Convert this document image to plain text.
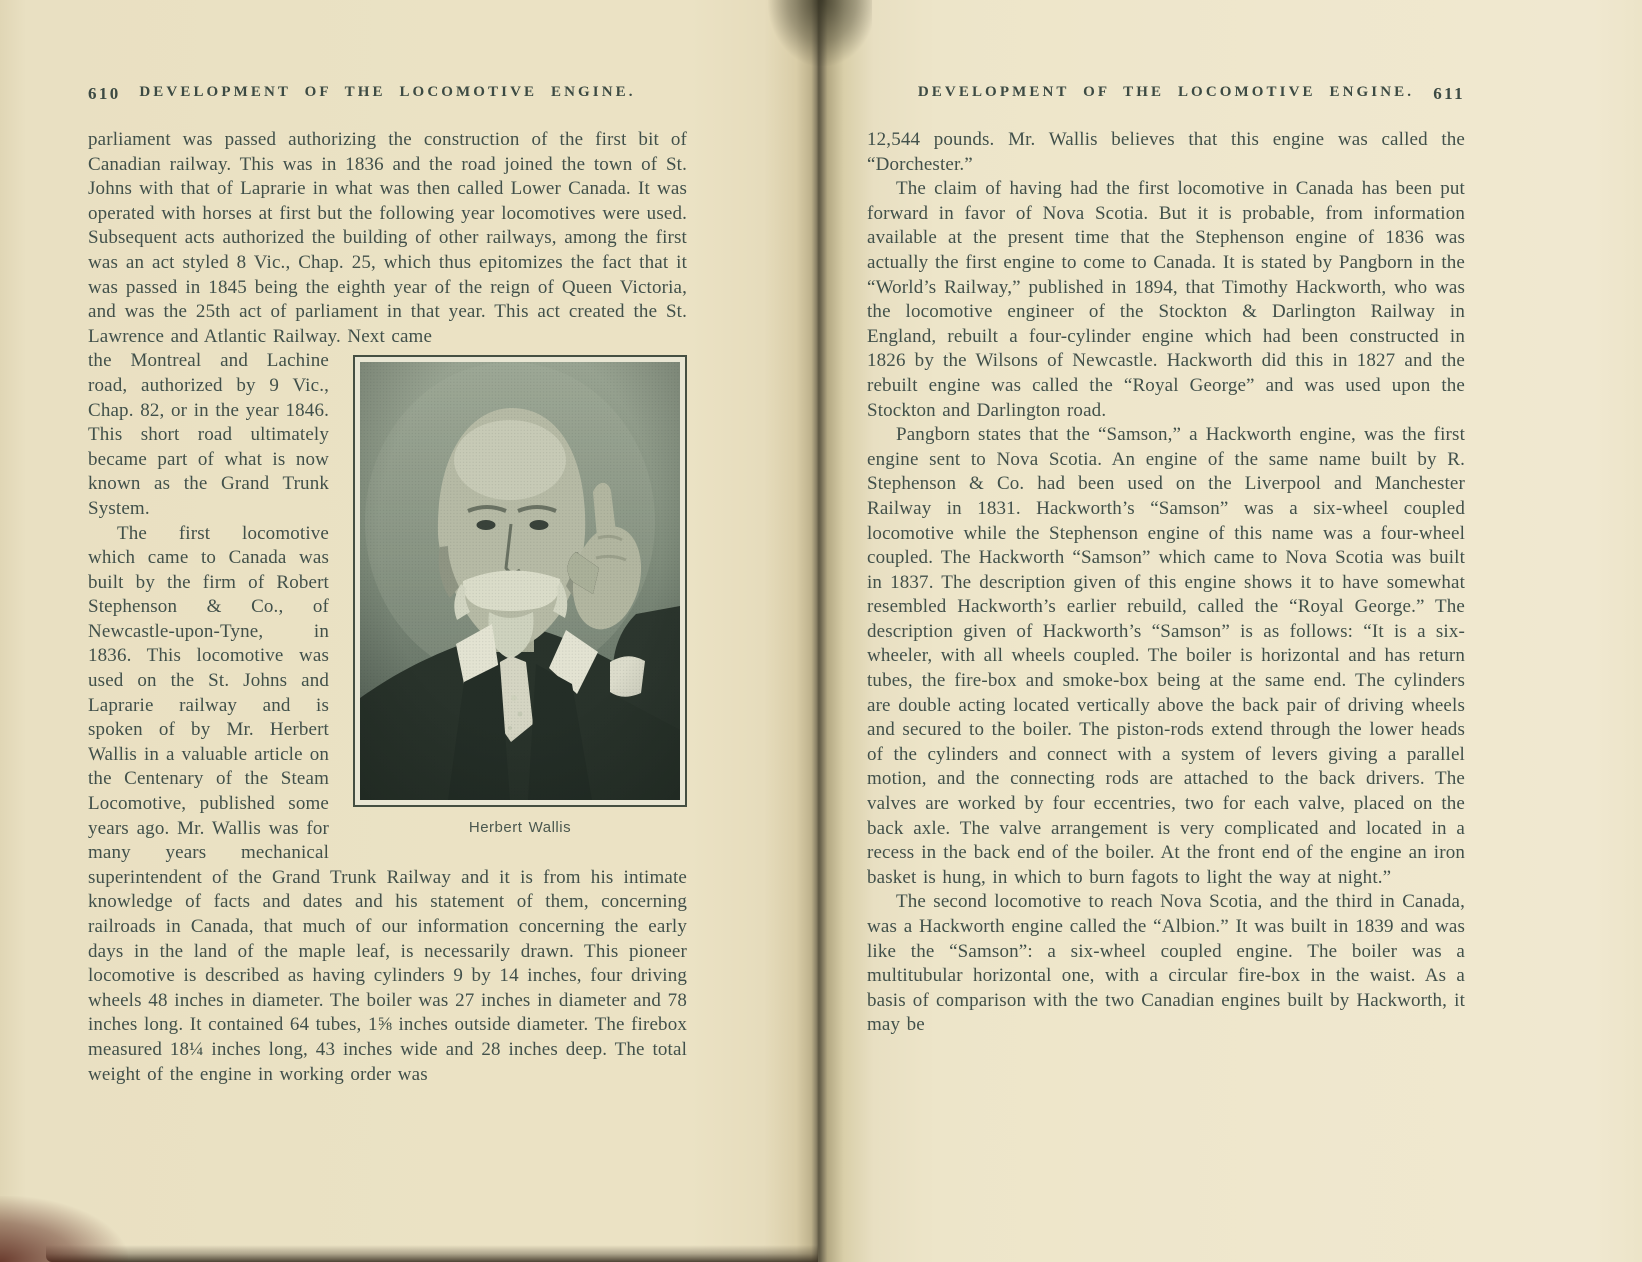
610	DEVELOPMENT OF THE LOCOMOTIVE ENGINE.

parliament was passed authorizing the construction of the first bit of Canadian railway. This was in 1836 and the road joined the town of St. Johns with that of Laprarie in what was then called Lower Canada. It was operated with horses at first but the following year locomotives were used. Subsequent acts authorized the building of other railways, among the first was an act styled 8 Vic., Chap. 25, which thus epitomizes the fact that it was passed in 1845 being the eighth year of the reign of Queen Victoria, and was the 25th act of parliament in that year. This act created the St. Lawrence and Atlantic Railway. Next came

Herbert Wallis
the Montreal and Lachine road, authorized by 9 Vic., Chap. 82, or in the year 1846. This short road ultimately became part of what is now known as the Grand Trunk System.

The first locomotive which came to Canada was built by the firm of Robert Stephenson & Co., of Newcastle-upon-Tyne, in 1836. This locomotive was used on the St. Johns and Laprarie railway and is spoken of by Mr. Herbert Wallis in a valuable article on the Centenary of the Steam Locomotive, published some years ago. Mr. Wallis was for many years mechanical superintendent of the Grand Trunk Railway and it is from his intimate knowledge of facts and dates and his statement of them, concerning railroads in Canada, that much of our information concerning the early days in the land of the maple leaf, is necessarily drawn. This pioneer locomotive is described as having cylinders 9 by 14 inches, four driving wheels 48 inches in diameter. The boiler was 27 inches in diameter and 78 inches long. It contained 64 tubes, 1⅝ inches outside diameter. The firebox measured 18¼ inches long, 43 inches wide and 28 inches deep. The total weight of the engine in working order was

DEVELOPMENT OF THE LOCOMOTIVE ENGINE.	611

12,544 pounds. Mr. Wallis believes that this engine was called the “Dorchester.”

The claim of having had the first locomotive in Canada has been put forward in favor of Nova Scotia. But it is probable, from information available at the present time that the Stephenson engine of 1836 was actually the first engine to come to Canada. It is stated by Pangborn in the “World’s Railway,” published in 1894, that Timothy Hackworth, who was the locomotive engineer of the Stockton & Darlington Railway in England, rebuilt a four-cylinder engine which had been constructed in 1826 by the Wilsons of Newcastle. Hackworth did this in 1827 and the rebuilt engine was called the “Royal George” and was used upon the Stockton and Darlington road.

Pangborn states that the “Samson,” a Hackworth engine, was the first engine sent to Nova Scotia. An engine of the same name built by R. Stephenson & Co. had been used on the Liverpool and Manchester Railway in 1831. Hackworth’s “Samson” was a six-wheel coupled locomotive while the Stephenson engine of this name was a four-wheel coupled. The Hackworth “Samson” which came to Nova Scotia was built in 1837. The description given of this engine shows it to have somewhat resembled Hackworth’s earlier rebuild, called the “Royal George.” The description given of Hackworth’s “Samson” is as follows: “It is a six-wheeler, with all wheels coupled. The boiler is horizontal and has return tubes, the fire-box and smoke-box being at the same end. The cylinders are double acting located vertically above the back pair of driving wheels and secured to the boiler. The piston-rods extend through the lower heads of the cylinders and connect with a system of levers giving a parallel motion, and the connecting rods are attached to the back drivers. The valves are worked by four eccentries, two for each valve, placed on the back axle. The valve arrangement is very complicated and located in a recess in the back end of the boiler. At the front end of the engine an iron basket is hung, in which to burn fagots to light the way at night.”

The second locomotive to reach Nova Scotia, and the third in Canada, was a Hackworth engine called the “Albion.” It was built in 1839 and was like the “Samson”: a six-wheel coupled engine. The boiler was a multitubular horizontal one, with a circular fire-box in the waist. As a basis of comparison with the two Canadian engines built by Hackworth, it may be
